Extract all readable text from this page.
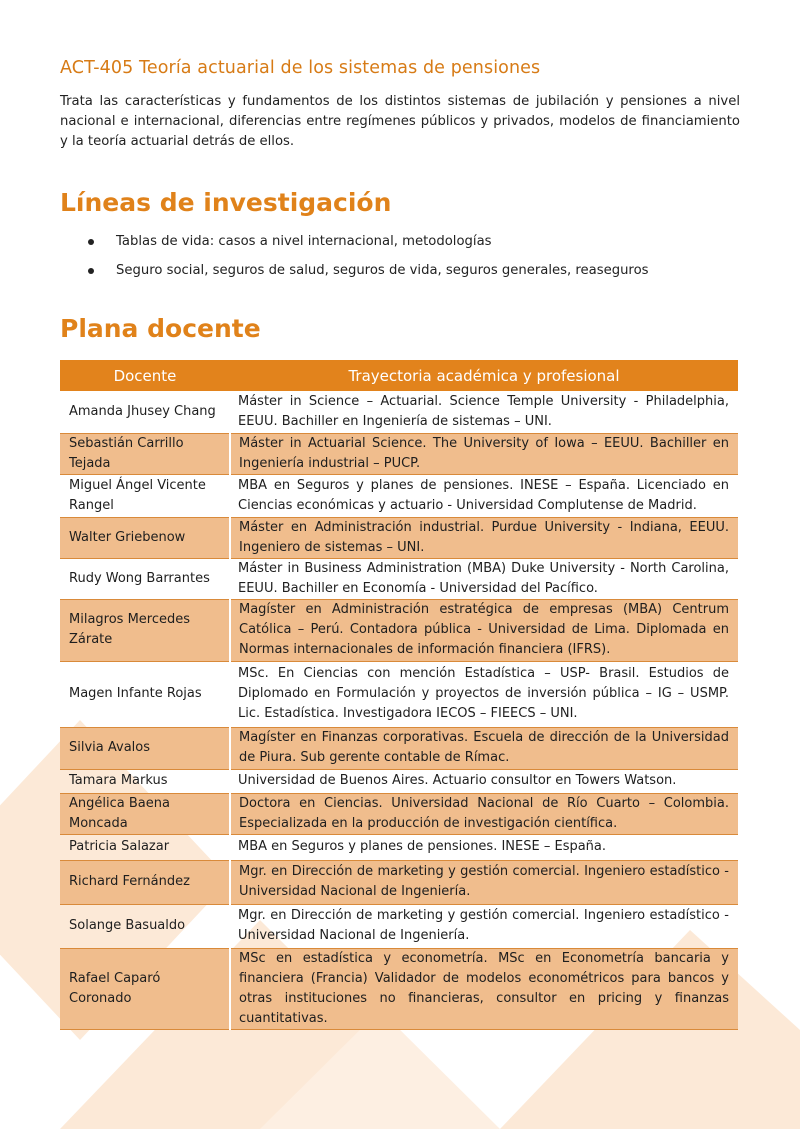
ACT-405 Teoría actuarial de los sistemas de pensiones
Trata las características y fundamentos de los distintos sistemas de jubilación y pensiones a nivel nacional e internacional, diferencias entre regímenes públicos y privados, modelos de financiamiento y la teoría actuarial detrás de ellos.
Líneas de investigación
Tablas de vida: casos a nivel internacional, metodologías
Seguro social, seguros de salud, seguros de vida, seguros generales, reaseguros
Plana docente
Docente	Trayectoria académica y profesional
Amanda Jhusey Chang	Máster in Science – Actuarial. Science Temple University - Philadelphia, EEUU. Bachiller en Ingeniería de sistemas – UNI.
Sebastián Carrillo Tejada	Máster in Actuarial Science. The University of Iowa – EEUU. Bachiller en Ingeniería industrial – PUCP.
Miguel Ángel Vicente Rangel	MBA en Seguros y planes de pensiones. INESE – España. Licenciado en Ciencias económicas y actuario - Universidad Complutense de Madrid.
Walter Griebenow	Máster en Administración industrial. Purdue University - Indiana, EEUU. Ingeniero de sistemas – UNI.
Rudy Wong Barrantes	Máster in Business Administration (MBA) Duke University - North Carolina, EEUU. Bachiller en Economía - Universidad del Pacífico.
Milagros Mercedes Zárate	Magíster en Administración estratégica de empresas (MBA) Centrum Católica – Perú. Contadora pública - Universidad de Lima. Diplomada en Normas internacionales de información financiera (IFRS).
Magen Infante Rojas	MSc. En Ciencias con mención Estadística – USP- Brasil. Estudios de Diplomado en Formulación y proyectos de inversión pública – IG – USMP. Lic. Estadística. Investigadora IECOS – FIEECS – UNI.
Silvia Avalos	Magíster en Finanzas corporativas. Escuela de dirección de la Universidad de Piura. Sub gerente contable de Rímac.
Tamara Markus	Universidad de Buenos Aires. Actuario consultor en Towers Watson.
Angélica Baena Moncada	Doctora en Ciencias. Universidad Nacional de Río Cuarto – Colombia. Especializada en la producción de investigación científica.
Patricia Salazar	MBA en Seguros y planes de pensiones. INESE – España.
Richard Fernández	Mgr. en Dirección de marketing y gestión comercial. Ingeniero estadístico - Universidad Nacional de Ingeniería.
Solange Basualdo	Mgr. en Dirección de marketing y gestión comercial. Ingeniero estadístico - Universidad Nacional de Ingeniería.
Rafael Caparó Coronado	MSc en estadística y econometría. MSc en Econometría bancaria y financiera (Francia) Validador de modelos econométricos para bancos y otras instituciones no financieras, consultor en pricing y finanzas cuantitativas.
